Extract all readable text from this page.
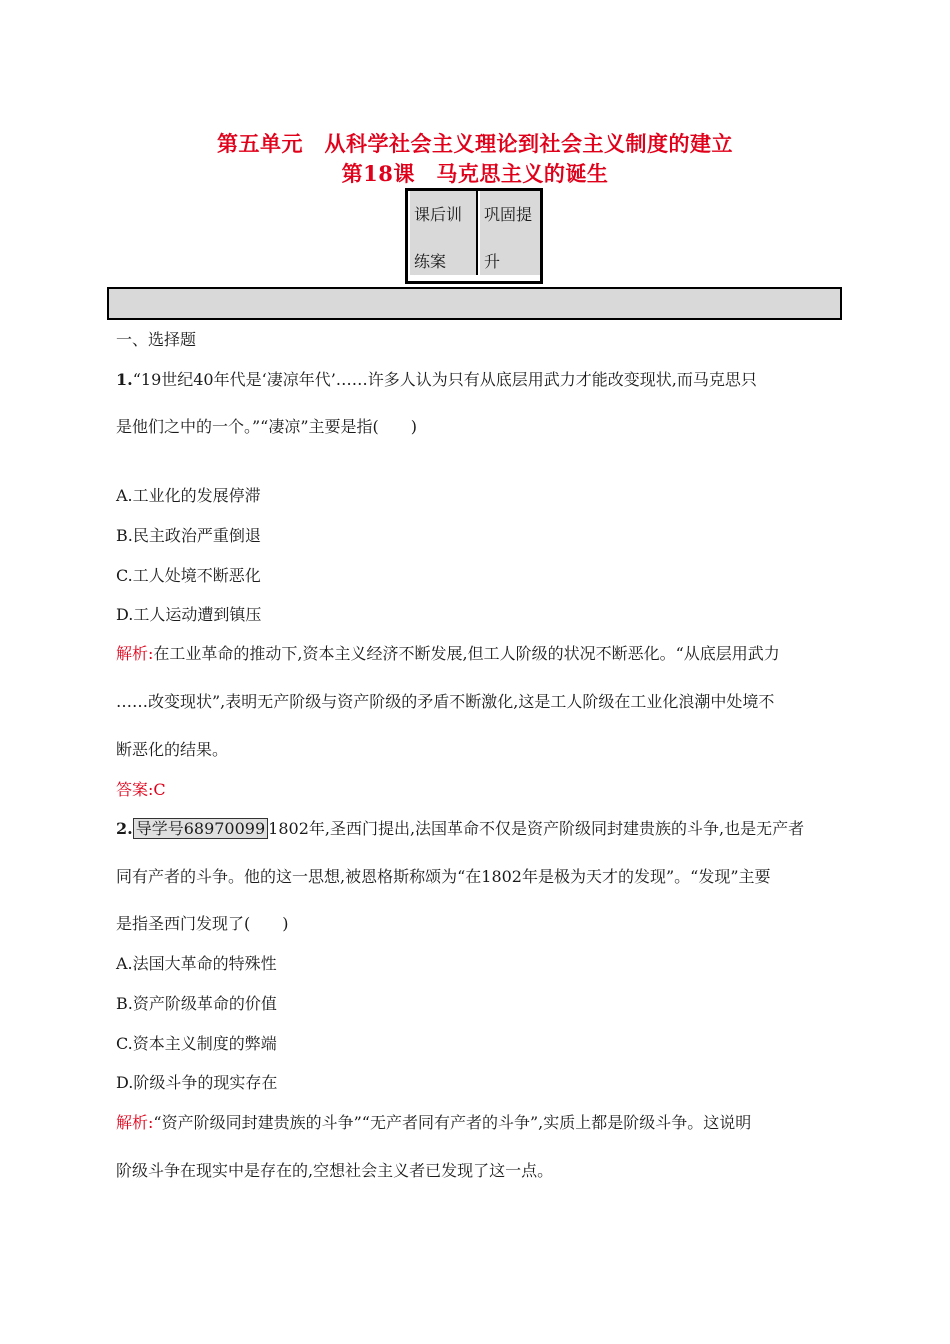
第五单元　从科学社会主义理论到社会主义制度的建立
第18课　马克思主义的诞生
课后训
练案
巩固提
升
一、选择题
1.“19世纪40年代是‘凄凉年代’……许多人认为只有从底层用武力才能改变现状,而马克思只
是他们之中的一个。”“凄凉”主要是指(　　)
A.工业化的发展停滞
B.民主政治严重倒退
C.工人处境不断恶化
D.工人运动遭到镇压
解析:在工业革命的推动下,资本主义经济不断发展,但工人阶级的状况不断恶化。“从底层用武力
……改变现状”,表明无产阶级与资产阶级的矛盾不断激化,这是工人阶级在工业化浪潮中处境不
断恶化的结果。
答案:C
2. 导学号68970099 1802年,圣西门提出,法国革命不仅是资产阶级同封建贵族的斗争,也是无产者
同有产者的斗争。他的这一思想,被恩格斯称颂为“在1802年是极为天才的发现”。“发现”主要
是指圣西门发现了(　　)
A.法国大革命的特殊性
B.资产阶级革命的价值
C.资本主义制度的弊端
D.阶级斗争的现实存在
解析:“资产阶级同封建贵族的斗争”“无产者同有产者的斗争”,实质上都是阶级斗争。这说明
阶级斗争在现实中是存在的,空想社会主义者已发现了这一点。
